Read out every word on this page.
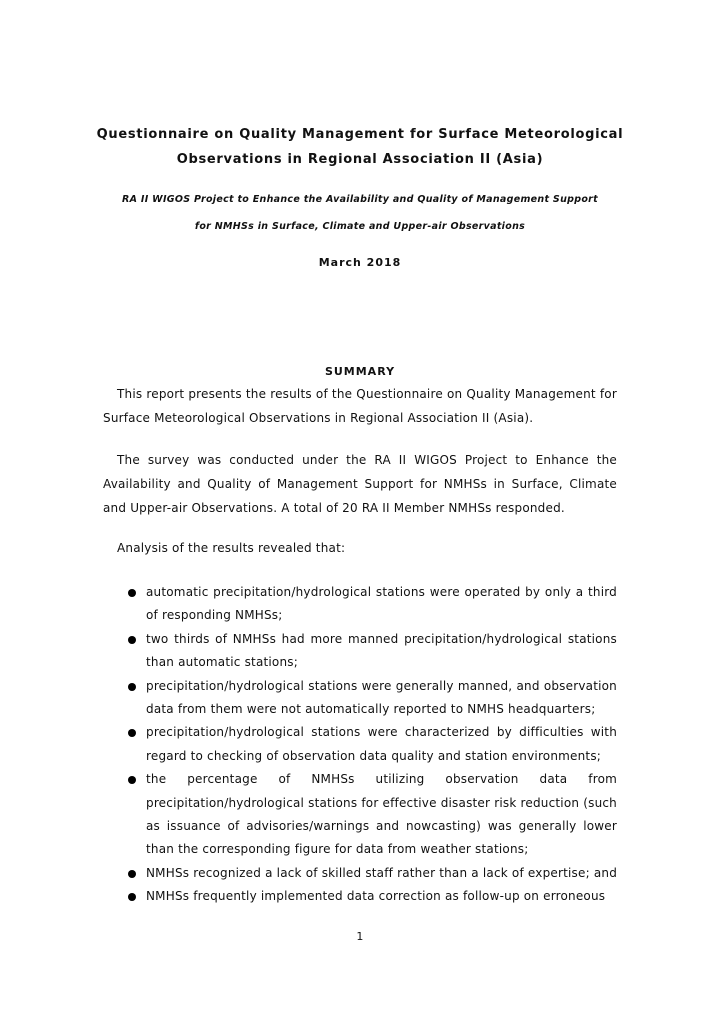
Questionnaire on Quality Management for Surface Meteorological
Observations in Regional Association II (Asia)
RA II WIGOS Project to Enhance the Availability and Quality of Management Support
for NMHSs in Surface, Climate and Upper-air Observations
March 2018
SUMMARY
This report presents the results of the Questionnaire on Quality Management for Surface Meteorological Observations in Regional Association II (Asia).
The survey was conducted under the RA II WIGOS Project to Enhance the Availability and Quality of Management Support for NMHSs in Surface, Climate and Upper-air Observations. A total of 20 RA II Member NMHSs responded.
Analysis of the results revealed that:
automatic precipitation/hydrological stations were operated by only a third of responding NMHSs;
two thirds of NMHSs had more manned precipitation/hydrological stations than automatic stations;
precipitation/hydrological stations were generally manned, and observation data from them were not automatically reported to NMHS headquarters;
precipitation/hydrological stations were characterized by difficulties with regard to checking of observation data quality and station environments;
the percentage of NMHSs utilizing observation data from precipitation/hydrological stations for effective disaster risk reduction (such as issuance of advisories/warnings and nowcasting) was generally lower than the corresponding figure for data from weather stations;
NMHSs recognized a lack of skilled staff rather than a lack of expertise; and
NMHSs frequently implemented data correction as follow-up on erroneous
1
